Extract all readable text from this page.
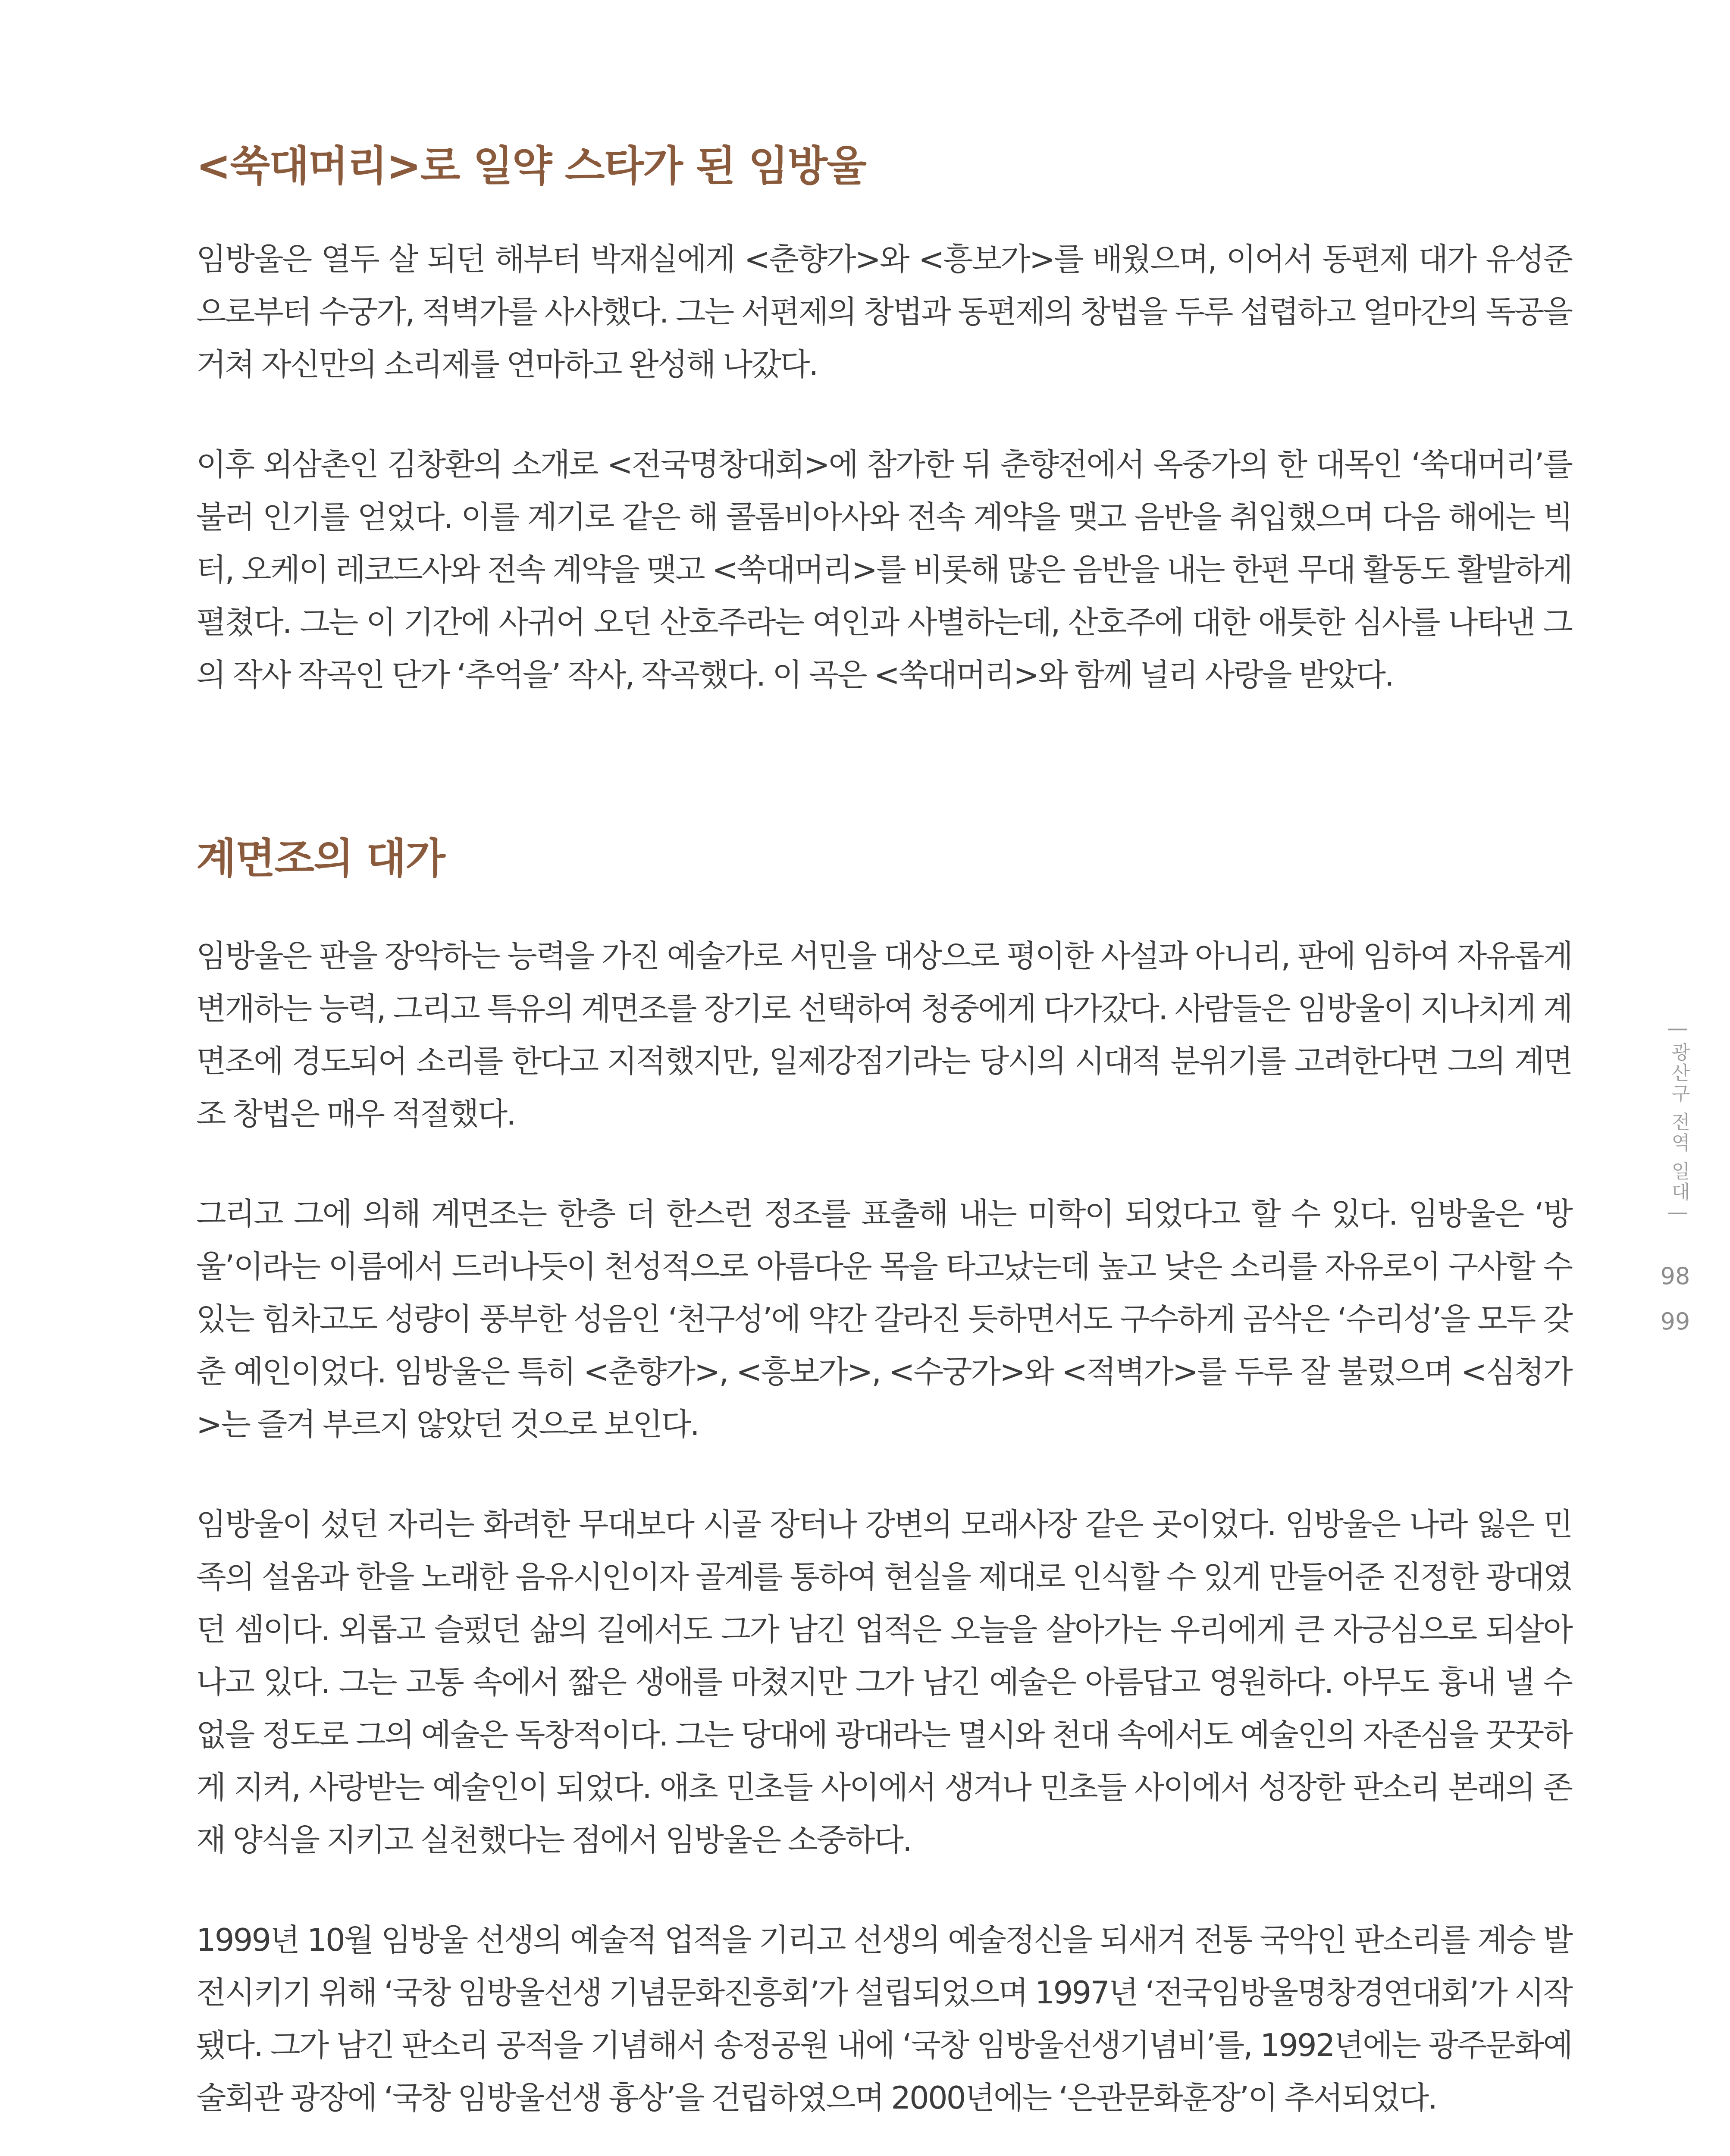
<쑥대머리>로 일약 스타가 된 임방울

임방울은 열두 살 되던 해부터 박재실에게 <춘향가>와 <흥보가>를 배웠으며, 이어서 동편제 대가 유성준으로부터 수궁가, 적벽가를 사사했다. 그는 서편제의 창법과 동편제의 창법을 두루 섭렵하고 얼마간의 독공을 거쳐 자신만의 소리제를 연마하고 완성해 나갔다.

이후 외삼촌인 김창환의 소개로 <전국명창대회>에 참가한 뒤 춘향전에서 옥중가의 한 대목인 ‘쑥대머리’를 불러 인기를 얻었다. 이를 계기로 같은 해 콜롬비아사와 전속 계약을 맺고 음반을 취입했으며 다음 해에는 빅터, 오케이 레코드사와 전속 계약을 맺고 <쑥대머리>를 비롯해 많은 음반을 내는 한편 무대 활동도 활발하게 펼쳤다. 그는 이 기간에 사귀어 오던 산호주라는 여인과 사별하는데, 산호주에 대한 애틋한 심사를 나타낸 그의 작사 작곡인 단가 ‘추억을’ 작사, 작곡했다. 이 곡은 <쑥대머리>와 함께 널리 사랑을 받았다.

계면조의 대가

임방울은 판을 장악하는 능력을 가진 예술가로 서민을 대상으로 평이한 사설과 아니리, 판에 임하여 자유롭게 변개하는 능력, 그리고 특유의 계면조를 장기로 선택하여 청중에게 다가갔다. 사람들은 임방울이 지나치게 계면조에 경도되어 소리를 한다고 지적했지만, 일제강점기라는 당시의 시대적 분위기를 고려한다면 그의 계면조 창법은 매우 적절했다.

그리고 그에 의해 계면조는 한층 더 한스런 정조를 표출해 내는 미학이 되었다고 할 수 있다. 임방울은 ‘방울’이라는 이름에서 드러나듯이 천성적으로 아름다운 목을 타고났는데 높고 낮은 소리를 자유로이 구사할 수 있는 힘차고도 성량이 풍부한 성음인 ‘천구성’에 약간 갈라진 듯하면서도 구수하게 곰삭은 ‘수리성’을 모두 갖춘 예인이었다. 임방울은 특히 <춘향가>, <흥보가>, <수궁가>와 <적벽가>를 두루 잘 불렀으며 <심청가>는 즐겨 부르지 않았던 것으로 보인다.

임방울이 섰던 자리는 화려한 무대보다 시골 장터나 강변의 모래사장 같은 곳이었다. 임방울은 나라 잃은 민족의 설움과 한을 노래한 음유시인이자 골계를 통하여 현실을 제대로 인식할 수 있게 만들어준 진정한 광대였던 셈이다. 외롭고 슬펐던 삶의 길에서도 그가 남긴 업적은 오늘을 살아가는 우리에게 큰 자긍심으로 되살아나고 있다. 그는 고통 속에서 짧은 생애를 마쳤지만 그가 남긴 예술은 아름답고 영원하다. 아무도 흉내 낼 수 없을 정도로 그의 예술은 독창적이다. 그는 당대에 광대라는 멸시와 천대 속에서도 예술인의 자존심을 꿋꿋하게 지켜, 사랑받는 예술인이 되었다. 애초 민초들 사이에서 생겨나 민초들 사이에서 성장한 판소리 본래의 존재 양식을 지키고 실천했다는 점에서 임방울은 소중하다.

1999년 10월 임방울 선생의 예술적 업적을 기리고 선생의 예술정신을 되새겨 전통 국악인 판소리를 계승 발전시키기 위해 ‘국창 임방울선생 기념문화진흥회’가 설립되었으며 1997년 ‘전국임방울명창경연대회’가 시작됐다. 그가 남긴 판소리 공적을 기념해서 송정공원 내에 ‘국창 임방울선생기념비’를, 1992년에는 광주문화예술회관 광장에 ‘국창 임방울선생 흉상’을 건립하였으며 2000년에는 ‘은관문화훈장’이 추서되었다.

| 광산구 전역 일대 |
98
99
